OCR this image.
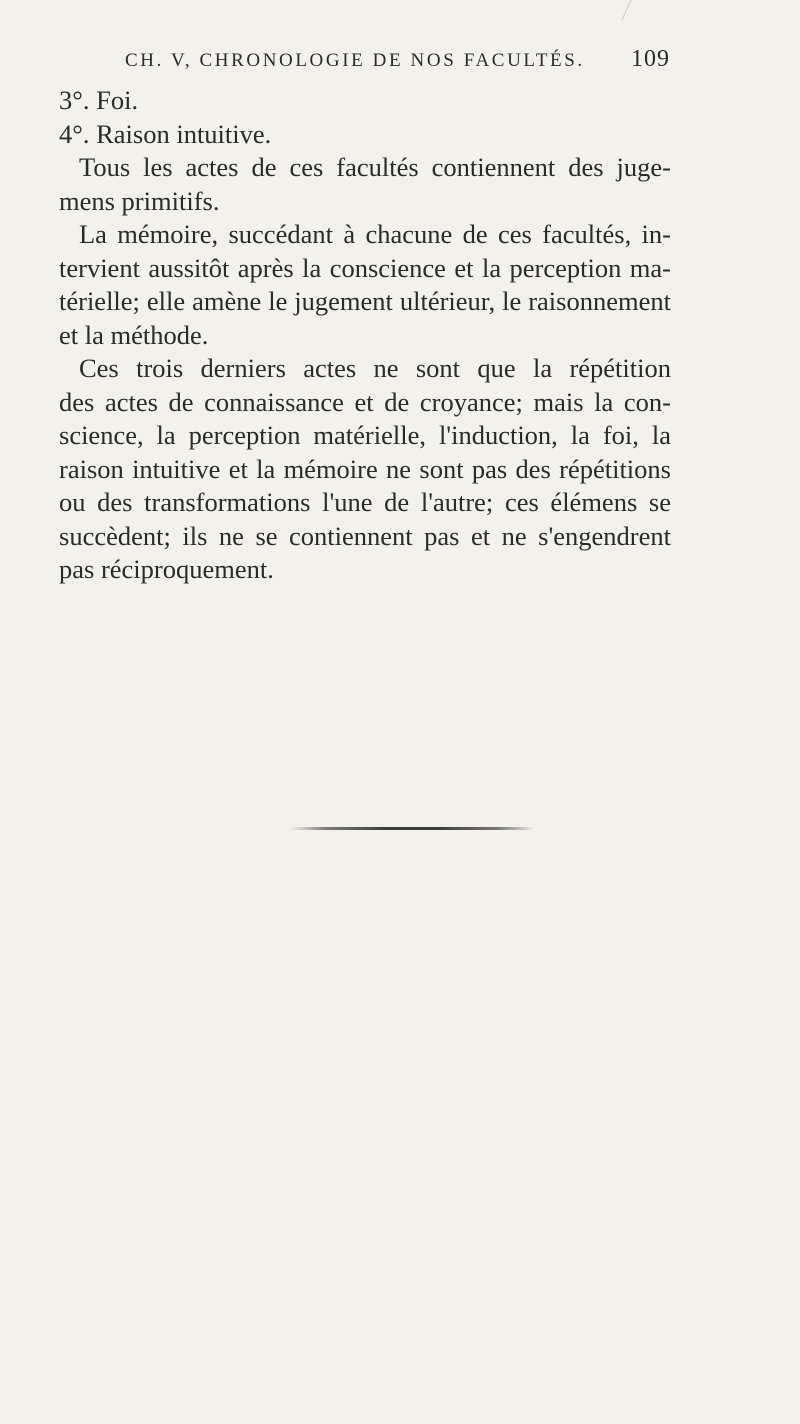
CH. V, CHRONOLOGIE DE NOS FACULTÉS. 109
3°. Foi.
4°. Raison intuitive.
Tous les actes de ces facultés contiennent des juge-
mens primitifs.
La mémoire, succédant à chacune de ces facultés, in-
tervient aussitôt après la conscience et la perception ma-
térielle; elle amène le jugement ultérieur, le raisonnement
et la méthode.
Ces trois derniers actes ne sont que la répétition
des actes de connaissance et de croyance; mais la con-
science, la perception matérielle, l'induction, la foi, la
raison intuitive et la mémoire ne sont pas des répétitions
ou des transformations l'une de l'autre; ces élémens se
succèdent; ils ne se contiennent pas et ne s'engendrent
pas réciproquement.
